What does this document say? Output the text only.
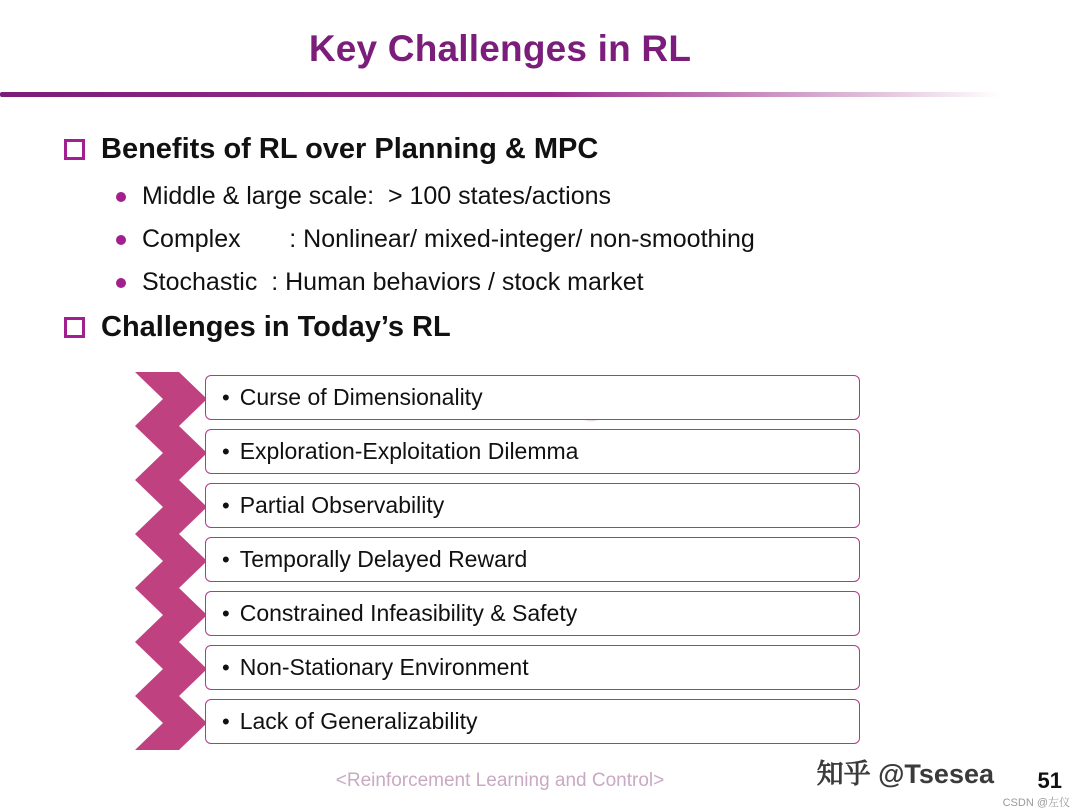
Key Challenges in RL
Benefits of RL over Planning & MPC
Middle & large scale:  > 100 states/actions
Complex       : Nonlinear/ mixed-integer/ non-smoothing
Stochastic  : Human behaviors / stock market
Challenges in Today’s RL
• Curse of Dimensionality
• Exploration-Exploitation Dilemma
• Partial Observability
• Temporally Delayed Reward
• Constrained Infeasibility & Safety
• Non-Stationary Environment
• Lack of Generalizability
<Reinforcement Learning and Control>	知乎 @Tsesea 51
CSDN @左仪
